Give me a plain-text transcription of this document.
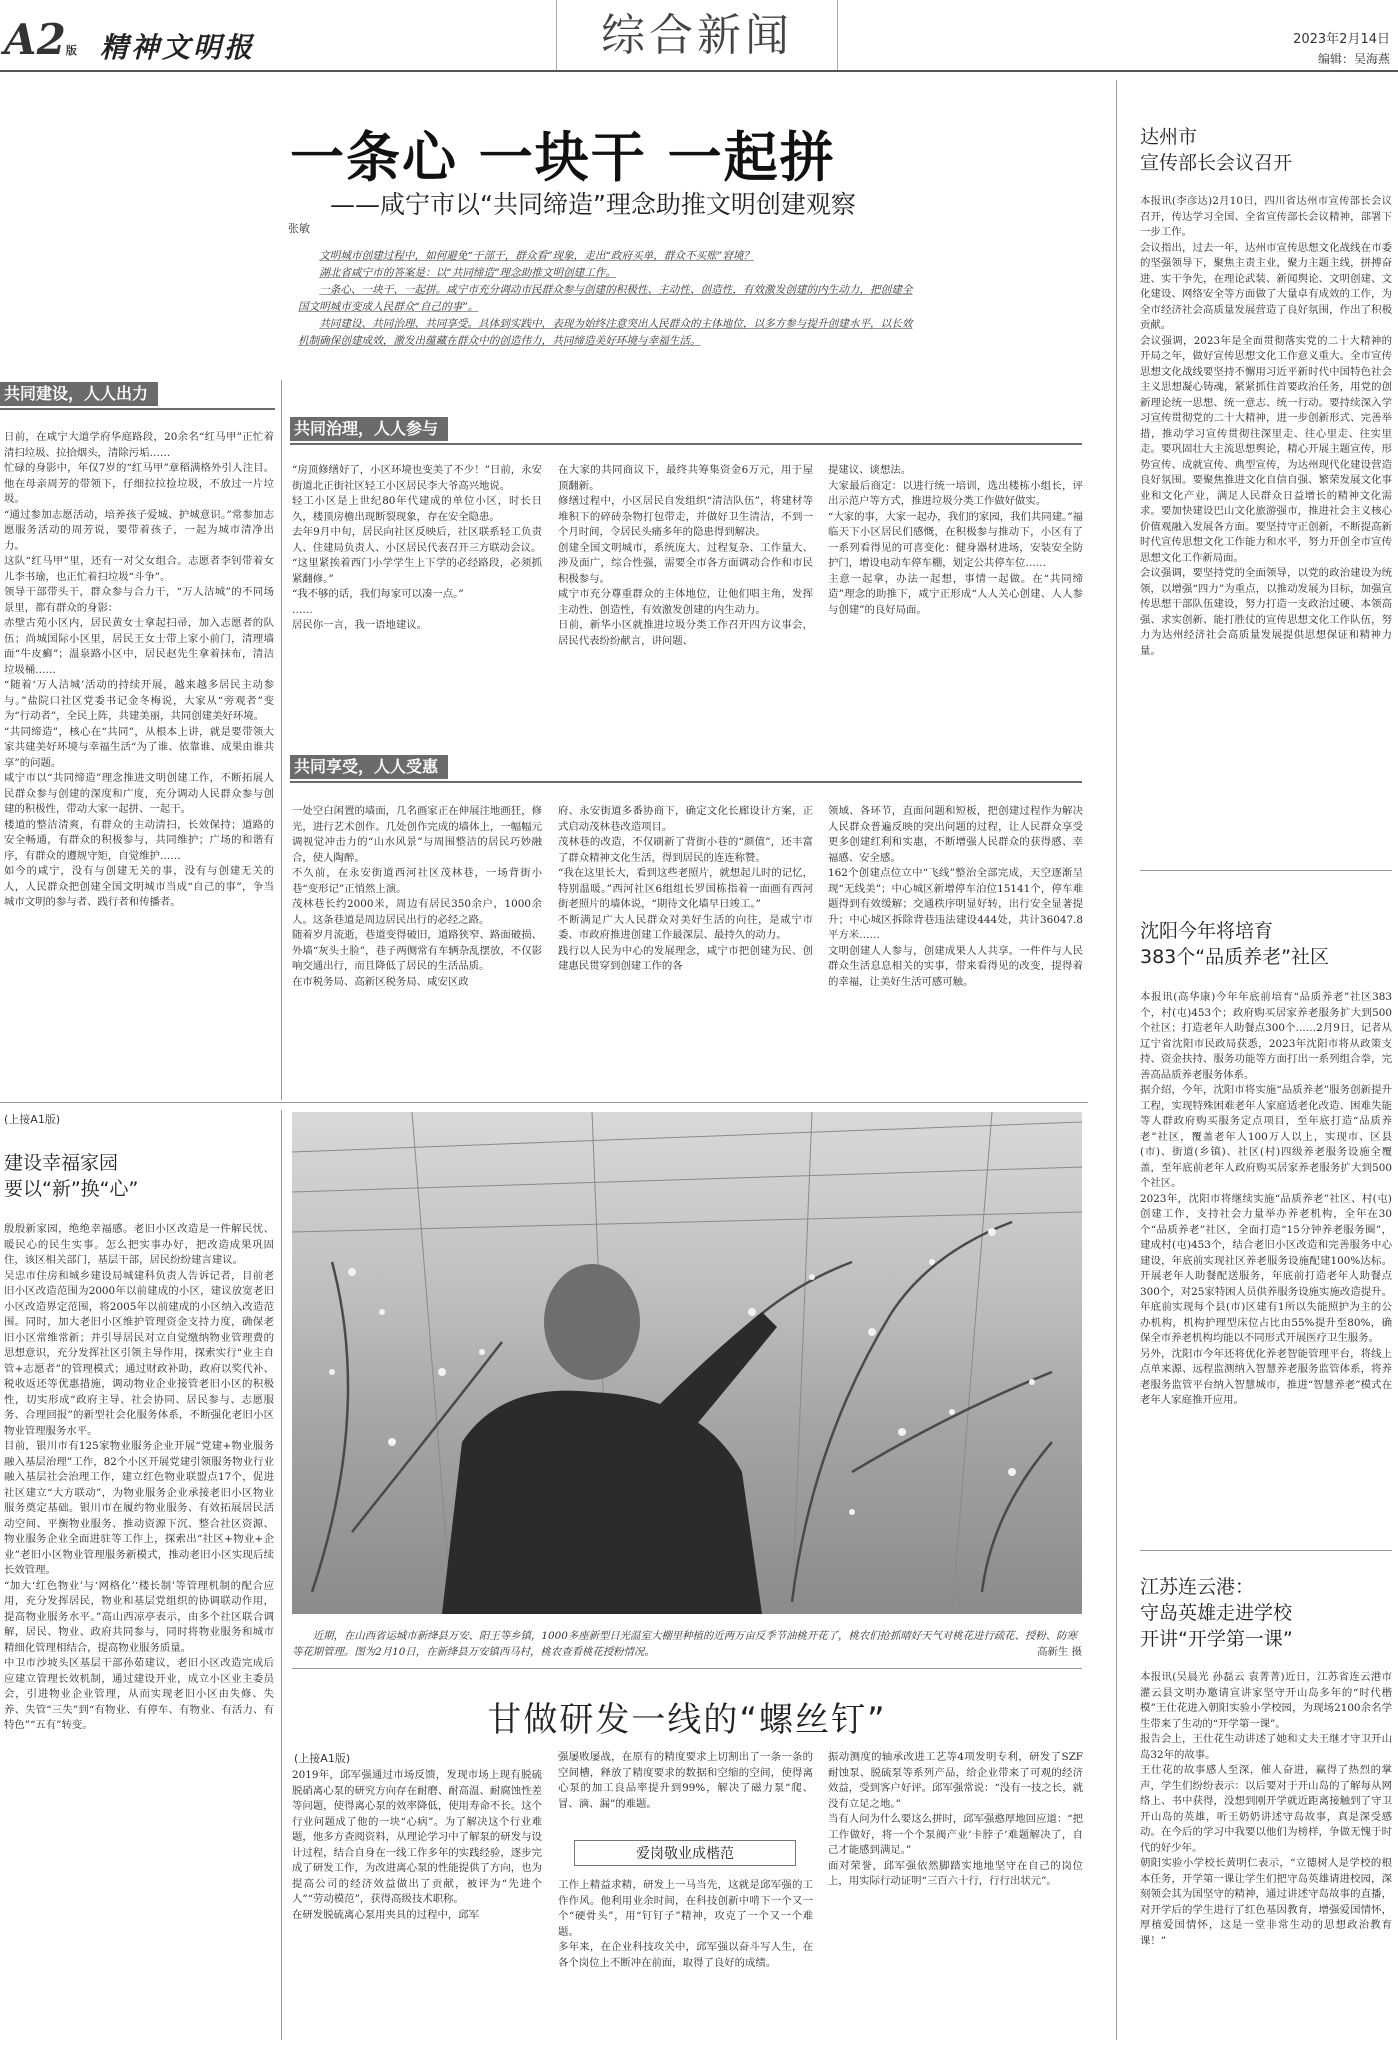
A2版 精神文明报	综合新闻	2023年2月14日
编辑：吴海燕
一条心 一块干 一起拼
——咸宁市以“共同缔造”理念助推文明创建观察
张敏

文明城市创建过程中，如何避免“干部干，群众看”现象，走出“政府买单，群众不买账”窘境？

湖北省咸宁市的答案是：以“共同缔造”理念助推文明创建工作。

一条心、一块干、一起拼。咸宁市充分调动市民群众参与创建的积极性、主动性、创造性，有效激发创建的内生动力，把创建全国文明城市变成人民群众“自己的事”。

共同建设、共同治理、共同享受。具体到实践中，表现为始终注意突出人民群众的主体地位，以多方参与提升创建水平，以长效机制确保创建成效，激发出蕴藏在群众中的创造伟力，共同缔造美好环境与幸福生活。

共同建设，人人出力
日前，在咸宁大道学府华庭路段，20余名“红马甲”正忙着清扫垃圾、拉拾烟头，清除污垢……
忙碌的身影中，年仅7岁的“红马甲”章稻满格外引人注目。他在母亲周芳的带领下，仔细拉拉捡垃圾，不放过一片垃圾。
“通过参加志愿活动，培养孩子爱城、护城意识。”常参加志愿服务活动的周芳说，要带着孩子，一起为城市清净出力。
这队“红马甲”里，还有一对父女组合。志愿者李钊带着女儿李书瑜，也正忙着扫垃圾“斗争”。
领导干部带头干，群众参与合力干，“万人洁城”的不同场景里，都有群众的身影：
赤壁古苑小区内，居民黄女士拿起扫帚，加入志愿者的队伍；尚城国际小区里，居民王女士带上家小前门，清理墙面“牛皮癣”；温泉路小区中，居民赵先生拿着抹布，清洁垃圾桶……
“随着‘万人洁城’活动的持续开展，越来越多居民主动参与。”盐院口社区党委书记金冬梅说，大家从“旁观者”变为“行动者”，全民上阵，共建美丽，共同创建美好环境。
“共同缔造”，核心在“共同”，从根本上讲，就是要带领大家共建美好环境与幸福生活“为了谁、依靠谁、成果由谁共享”的问题。
咸宁市以“共同缔造”理念推进文明创建工作，不断拓展人民群众参与创建的深度和广度，充分调动人民群众参与创建的积极性，带动大家一起拼、一起干。
楼道的整洁清爽，有群众的主动清扫，长效保持；道路的安全畅通，有群众的积极参与，共同维护；广场的和谐有序，有群众的遵规守矩，自觉维护……
如今的咸宁，没有与创建无关的事，没有与创建无关的人，人民群众把创建全国文明城市当成“自己的事”，争当城市文明的参与者、践行者和传播者。
共同治理，人人参与
“房顶修缮好了，小区环境也变美了不少！”日前，永安街道北正街社区轻工小区居民李大爷高兴地说。
轻工小区是上世纪80年代建成的单位小区，时长日久，楼顶房檐出现断裂现象，存在安全隐患。
去年9月中旬，居民向社区反映后，社区联系轻工负责人、住建局负责人、小区居民代表召开三方联动会议。
“这里紧挨着西门小学学生上下学的必经路段，必须抓紧翻修。”
“我不够的话，我们每家可以凑一点。”
……
居民你一言，我一语地建议。
在大家的共同商议下，最终共筹集资金6万元，用于屋顶翻新。
修缮过程中，小区居民自发组织“清洁队伍”，将建材等堆积下的碎砖杂物打包带走，并做好卫生清洁，不到一个月时间，令居民头痛多年的隐患得到解决。
创建全国文明城市，系统庞大、过程复杂、工作量大、涉及面广，综合性强，需要全市各方面调动合作和市民积极参与。
咸宁市充分尊重群众的主体地位，让他们唱主角，发挥主动性、创造性，有效激发创建的内生动力。
日前，新华小区就推进垃圾分类工作召开四方议事会，居民代表纷纷献言，讲问题、
提建议、谈想法。
大家最后商定：以进行统一培训，选出楼栋小组长，评出示范户等方式，推进垃圾分类工作做好做实。
“大家的事，大家一起办，我们的家园，我们共同建。”福临天下小区居民们感慨，在积极参与推动下，小区有了一系列看得见的可喜变化：健身器材进场，安装安全防护门，增设电动车停车棚，划定公共停车位……
主意一起拿，办法一起想，事情一起做。在“共同缔造”理念的助推下，咸宁正形成“人人关心创建、人人参与创建”的良好局面。
共同享受，人人受惠
一处空白闲置的墙面，几名画家正在伸展注地画狂，修光，进行艺术创作。几处创作完成的墙体上，一幅幅元调视觉冲击力的“山水风景”与周围整洁的居民巧妙融合，使人陶醉。
不久前，在永安街道西河社区茂林巷，一场背街小巷“变形记”正悄然上演。
茂林巷长约2000米，周边有居民350余户，1000余人。这条巷道是周边居民出行的必经之路。
随着岁月流逝，巷道变得破旧，道路狭窄、路面破损、外墙“灰头土脸”，巷子两侧常有车辆杂乱摆放，不仅影响交通出行，而且降低了居民的生活品质。
在市税务局、高新区税务局、咸安区政
府、永安街道多番协商下，确定文化长廊设计方案，正式启动茂林巷改造项目。
茂林巷的改造，不仅刷新了背街小巷的“颜值”，还丰富了群众精神文化生活，得到居民的连连称赞。
“我在这里长大，看到这些老照片，就想起儿时的记忆，特别温暖。”西河社区6组组长罗国栋指着一面画有西河街老照片的墙体说，“期待文化墙早日竣工。”
不断满足广大人民群众对美好生活的向往，是咸宁市委、市政府推进创建工作最深层、最持久的动力。
践行以人民为中心的发展理念，咸宁市把创建为民、创建惠民贯穿到创建工作的各
领域、各环节，直面问题和短板，把创建过程作为解决人民群众普遍反映的突出问题的过程，让人民群众享受更多创建红利和实惠，不断增强人民群众的获得感、幸福感、安全感。
162个创建点位立中“飞线”整治全部完成，天空逐渐呈现“无线美”；中心城区新增停车泊位15141个，停车难题得到有效缓解；交通秩序明显好转，出行安全显著提升；中心城区拆除背巷违法建设444处，共计36047.8平方米……
文明创建人人参与，创建成果人人共享。一件件与人民群众生活息息相关的实事，带来看得见的改变，提得着的幸福，让美好生活可感可触。
(上接A1版)
建设幸福家园
要以“新”换“心”
殷殷新家园，绝绝幸福感。老旧小区改造是一件解民忧、暖民心的民生实事。怎么把实事办好，把改造成果巩固住，该区相关部门，基层干部，居民纷纷建言建议。
吴忠市住房和城乡建设局城建科负责人告诉记者，目前老旧小区改造范围为2000年以前建成的小区，建议放宽老旧小区改造界定范围，将2005年以前建成的小区纳入改造范围。同时，加大老旧小区维护管理资金支持力度，确保老旧小区常维常新；并引导居民对立自觉缴纳物业管理费的思想意识，充分发挥社区引领主导作用，探索实行“业主自管+志愿者”的管理模式；通过财政补助，政府以奖代补、税收返还等优惠措施，调动物业企业接管老旧小区的积极性，切实形成“政府主导、社会协同、居民参与、志愿服务、合理回报”的新型社会化服务体系，不断强化老旧小区物业管理服务水平。
目前，银川市有125家物业服务企业开展“党建+物业服务融入基层治理”工作，82个小区开展党建引领服务物业行业融入基层社会治理工作，建立红色物业联盟点17个，促进社区建立“大方联动”，为物业服务企业承接老旧小区物业服务奠定基础。银川市在履约物业服务、有效拓展居民活动空间、平衡物业服务、推动资源下沉、整合社区资源、物业服务企业全面进驻等工作上，探索出“社区+物业+企业”老旧小区物业管理服务新模式，推动老旧小区实现后续长效管理。
“加大‘红色物业’与‘网格化’‘楼长制’等管理机制的配合应用，充分发挥居民，物业和基层党组织的协调联动作用，提高物业服务水平。”高山西凉亭表示，由多个社区联合调解，居民、物业、政府共同参与，同时将物业服务和城市精细化管理相结合，提高物业服务质量。
中卫市沙坡头区基层干部孙茹建议，老旧小区改造完成后应建立管理长效机制，通过建设开业，成立小区业主委员会，引进物业企业管理，从而实现老旧小区由失修、失养、失管“三失”到“有物业、有停车、有物业、有活力、有特色”“五有”转变。
近期，在山西省运城市新绛县万安、阳王等乡镇，1000多座新型日光温室大棚里种植的近两万亩反季节油桃开花了，桃农们抢抓晴好天气对桃花进行疏花、授粉、防寒等花期管理。图为2月10日，在新绛县万安镇西马村，桃农查看桃花授粉情况。	高新生 摄
甘做研发一线的“螺丝钉”
(上接A1版)
2019年，邱军强通过市场反馈，发现市场上现有脱硫脱硝离心泵的研究方向存在耐磨、耐高温、耐腐蚀性差等问题，使得离心泵的效率降低，使用寿命不长。这个行业问题成了他的一块“心病”。为了解决这个行业难题，他多方查阅资料，从理论学习中了解泵的研发与设计过程，结合自身在一线工作多年的实践经验，逐步完成了研发工作，为改进离心泵的性能提供了方向，也为提高公司的经济效益做出了贡献，被评为“先进个人”“劳动模范”，获得高级技术职称。
在研发脱硫离心泵用夹具的过程中，邱军
强屡败屡战，在原有的精度要求上切割出了一条一条的空间槽，释放了精度要求的数据和空缩的空间，使得离心泵的加工良品率提升到99%，解决了磁力泵“爬、冒、滴、漏”的难题。
爱岗敬业成楷范
工作上精益求精，研发上一马当先，这就是邱军强的工作作风。他利用业余时间，在科技创新中啃下一个又一个“硬骨头”，用“钉钉子”精神，攻克了一个又一个难题。
多年来，在企业科技攻关中，邱军强以奋斗写人生，在各个岗位上不断冲在前面，取得了良好的成绩。
振动测度的轴承改进工艺等4项发明专利，研发了SZF耐蚀泵、脱硫泵等系列产品，给企业带来了可观的经济效益，受到客户好评。邱军强常说：“没有一技之长，就没有立足之地。”
当有人问为什么要这么拼时，邱军强憨厚地回应道：“把工作做好，将一个个泵阀产业‘卡脖子’难题解决了，自己才能感到满足。”
面对荣誉，邱军强依然脚踏实地地坚守在自己的岗位上，用实际行动证明“三百六十行，行行出状元”。
达州市
宣传部长会议召开
本报讯(李彦达)2月10日，四川省达州市宣传部长会议召开，传达学习全国、全省宣传部长会议精神，部署下一步工作。
会议指出，过去一年，达州市宣传思想文化战线在市委的坚强领导下，聚焦主责主业，聚力主题主线，拼搏奋进、实干争先，在理论武装、新闻舆论、文明创建、文化建设、网络安全等方面做了大量卓有成效的工作，为全市经济社会高质量发展营造了良好氛围，作出了积极贡献。
会议强调，2023年是全面贯彻落实党的二十大精神的开局之年，做好宣传思想文化工作意义重大。全市宣传思想文化战线要坚持不懈用习近平新时代中国特色社会主义思想凝心铸魂，紧紧抓住首要政治任务，用党的创新理论统一思想、统一意志、统一行动。要持续深入学习宣传贯彻党的二十大精神，进一步创新形式、完善举措，推动学习宣传贯彻往深里走、往心里走、往实里走。要巩固壮大主流思想舆论，精心开展主题宣传，形势宣传、成就宣传、典型宣传，为达州现代化建设营造良好氛围。要聚焦推进文化自信自强、繁荣发展文化事业和文化产业，满足人民群众日益增长的精神文化需求。要加快建设巴山文化旅游强市，推进社会主义核心价值观融入发展各方面。要坚持守正创新，不断提高新时代宣传思想文化工作能力和水平，努力开创全市宣传思想文化工作新局面。
会议强调，要坚持党的全面领导，以党的政治建设为统领，以增强“四力”为重点，以推动发展为目标，加强宣传思想干部队伍建设，努力打造一支政治过硬、本领高强、求实创新、能打胜仗的宣传思想文化工作队伍，努力为达州经济社会高质量发展提供思想保证和精神力量。
沈阳今年将培育
383个“品质养老”社区
本报讯(高华康)今年年底前培育“品质养老”社区383个，村(屯)453个；政府购买居家养老服务扩大到500个社区；打造老年人助餐点300个……2月9日，记者从辽宁省沈阳市民政局获悉，2023年沈阳市将从政策支持、资金扶持、服务功能等方面打出一系列组合拳，完善高品质养老服务体系。
据介绍，今年，沈阳市将实施“品质养老”服务创新提升工程，实现特殊困难老年人家庭适老化改造、困难失能等人群政府购买服务定点项目，至年底打造“品质养老”社区，覆盖老年人100万人以上，实现市、区县(市)、街道(乡镇)、社区(村)四级养老服务设施全覆盖，至年底前老年人政府购买居家养老服务扩大到500个社区。
2023年，沈阳市将继续实施“品质养老”社区、村(屯)创建工作，支持社会力量举办养老机构，全年在30个“品质养老”社区，全面打造“15分钟养老服务圈”，建成村(屯)453个，结合老旧小区改造和完善服务中心建设，年底前实现社区养老服务设施配建100%达标。开展老年人助餐配送服务，年底前打造老年人助餐点300个，对25家特困人员供养服务设施实施改造提升。年底前实现每个县(市)区建有1所以失能照护为主的公办机构，机构护理型床位占比由55%提升至80%，确保全市养老机构均能以不同形式开展医疗卫生服务。
另外，沈阳市今年还将优化养老智能管理平台，将线上点单来源、远程监测纳入智慧养老服务监管体系，将养老服务监管平台纳入智慧城市，推进“智慧养老”模式在老年人家庭推开应用。
江苏连云港：
守岛英雄走进学校
开讲“开学第一课”
本报讯(吴晨光 孙磊云 袁菁菁)近日，江苏省连云港市灌云县文明办邀请宣讲家坚守开山岛多年的“时代楷模”王仕花进入朝阳实验小学校园，为现场2100余名学生带来了生动的“开学第一课”。
报告会上，王仕花生动讲述了她和丈夫王继才守卫开山岛32年的故事。
王仕花的故事感人至深，催人奋进，赢得了热烈的掌声，学生们纷纷表示：以后要对于开山岛的了解每从网络上、书中获得，没想到刚开学就近距离接触到了守卫开山岛的英雄，听王奶奶讲述守岛故事，真是深受感动。在今后的学习中我要以他们为榜样，争做无愧于时代的好少年。
朝阳实验小学校长黄明仁表示，“立德树人是学校的根本任务，开学第一课让学生们把守岛英雄请进校园，深刻领会其为国坚守的精神，通过讲述守岛故事的直播，对开学后的学生进行了红色基因教育，增强爱国情怀，厚植爱国情怀，这是一堂非常生动的思想政治教育课！”
